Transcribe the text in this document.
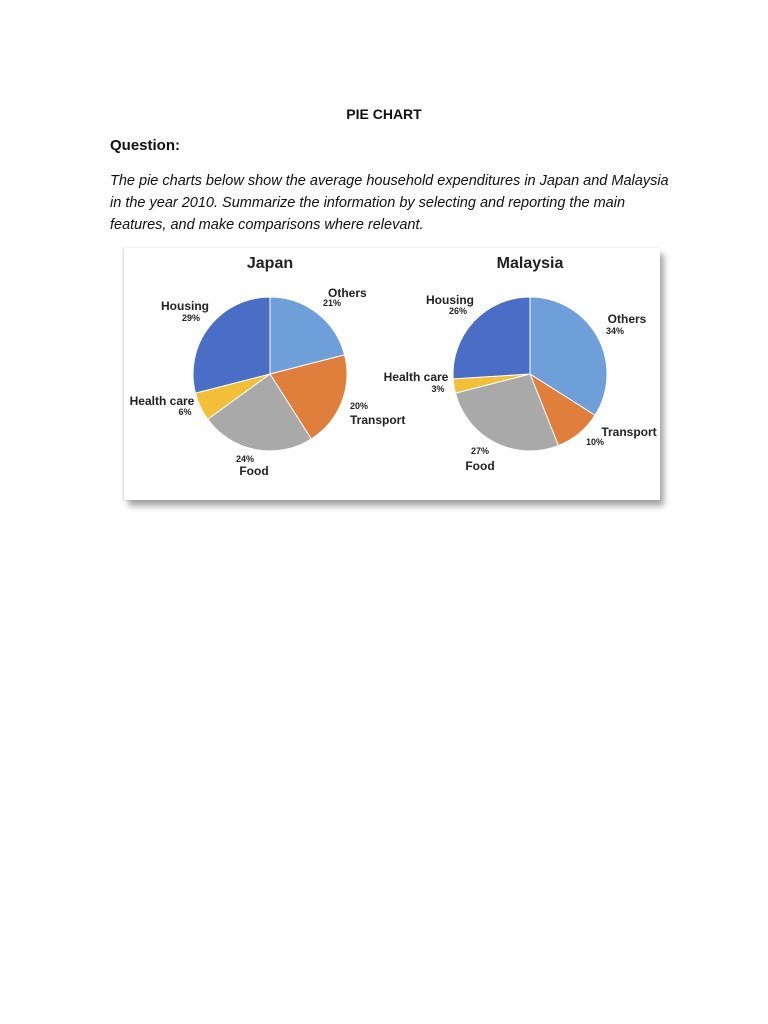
PIE CHART
Question:
The pie charts below show the average household expenditures in Japan and Malaysia in the year 2010. Summarize the information by selecting and reporting the main features, and make comparisons where relevant.
Japan
Others
21%
20%
Transport
24%
Food
Health care
6%
Housing
29%
Malaysia
Others
34%
Transport
10%
27%
Food
Health care
3%
Housing
26%
